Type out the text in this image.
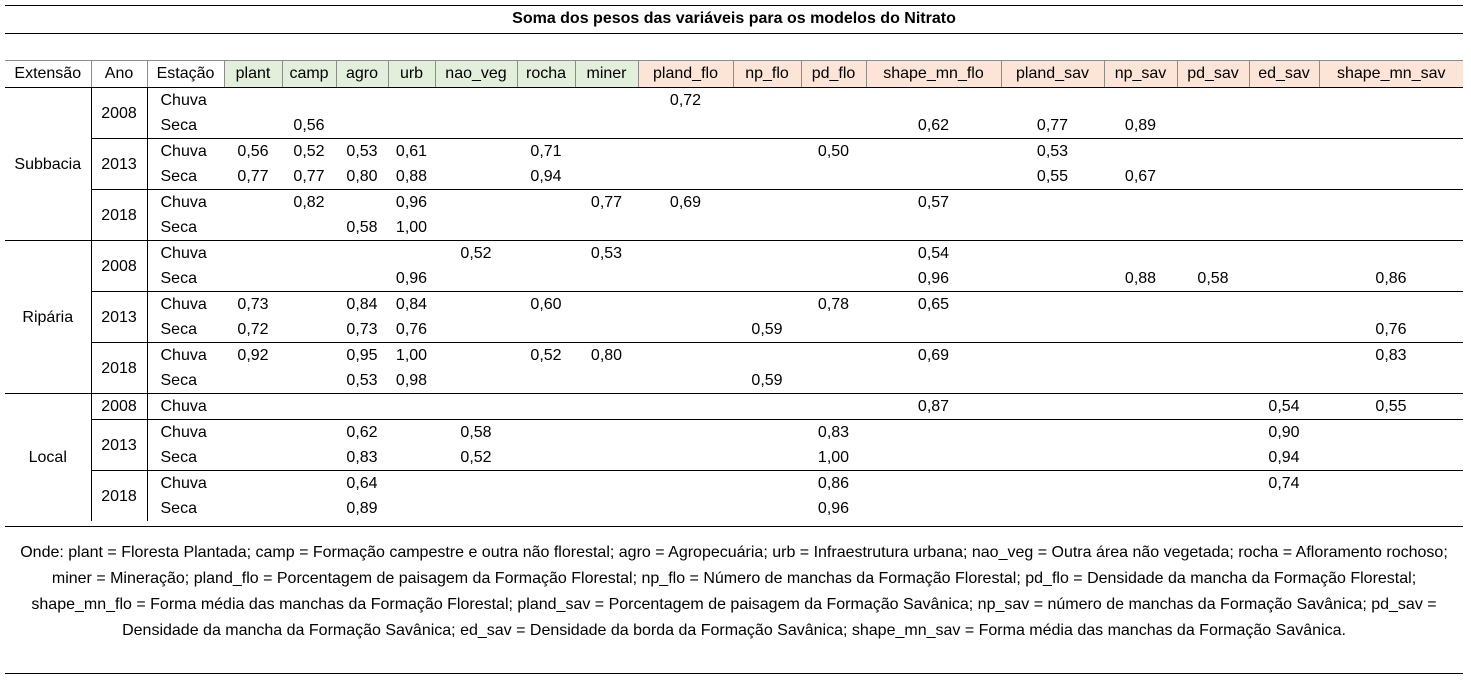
Soma dos pesos das variáveis para os modelos do Nitrato
Extensão	Ano	Estação	plant	camp	agro	urb	nao_veg	rocha	miner	pland_flo	np_flo	pd_flo	shape_mn_flo	pland_sav	np_sav	pd_sav	ed_sav	shape_mn_sav
Subbacia	2008	Chuva								0,72								
		Seca		0,56									0,62	0,77	0,89			
	2013	Chuva	0,56	0,52	0,53	0,61		0,71				0,50		0,53				
		Seca	0,77	0,77	0,80	0,88		0,94						0,55	0,67			
	2018	Chuva		0,82		0,96			0,77	0,69			0,57					
		Seca			0,58	1,00												
Ripária	2008	Chuva					0,52		0,53				0,54					
		Seca				0,96							0,96		0,88	0,58		0,86
	2013	Chuva	0,73		0,84	0,84		0,60				0,78	0,65					
		Seca	0,72		0,73	0,76					0,59							0,76
	2018	Chuva	0,92		0,95	1,00		0,52	0,80				0,69					0,83
		Seca			0,53	0,98					0,59							
Local	2008	Chuva											0,87				0,54	0,55
	2013	Chuva			0,62		0,58					0,83					0,90	
		Seca			0,83		0,52					1,00					0,94	
	2018	Chuva			0,64							0,86					0,74	
		Seca			0,89							0,96						
Onde: plant = Floresta Plantada; camp = Formação campestre e outra não florestal; agro = Agropecuária; urb = Infraestrutura urbana; nao_veg = Outra área não vegetada; rocha = Afloramento rochoso; miner = Mineração; pland_flo = Porcentagem de paisagem da Formação Florestal; np_flo = Número de manchas da Formação Florestal; pd_flo = Densidade da mancha da Formação Florestal; shape_mn_flo = Forma média das manchas da Formação Florestal; pland_sav = Porcentagem de paisagem da Formação Savânica; np_sav = número de manchas da Formação Savânica; pd_sav = Densidade da mancha da Formação Savânica; ed_sav = Densidade da borda da Formação Savânica; shape_mn_sav = Forma média das manchas da Formação Savânica.
